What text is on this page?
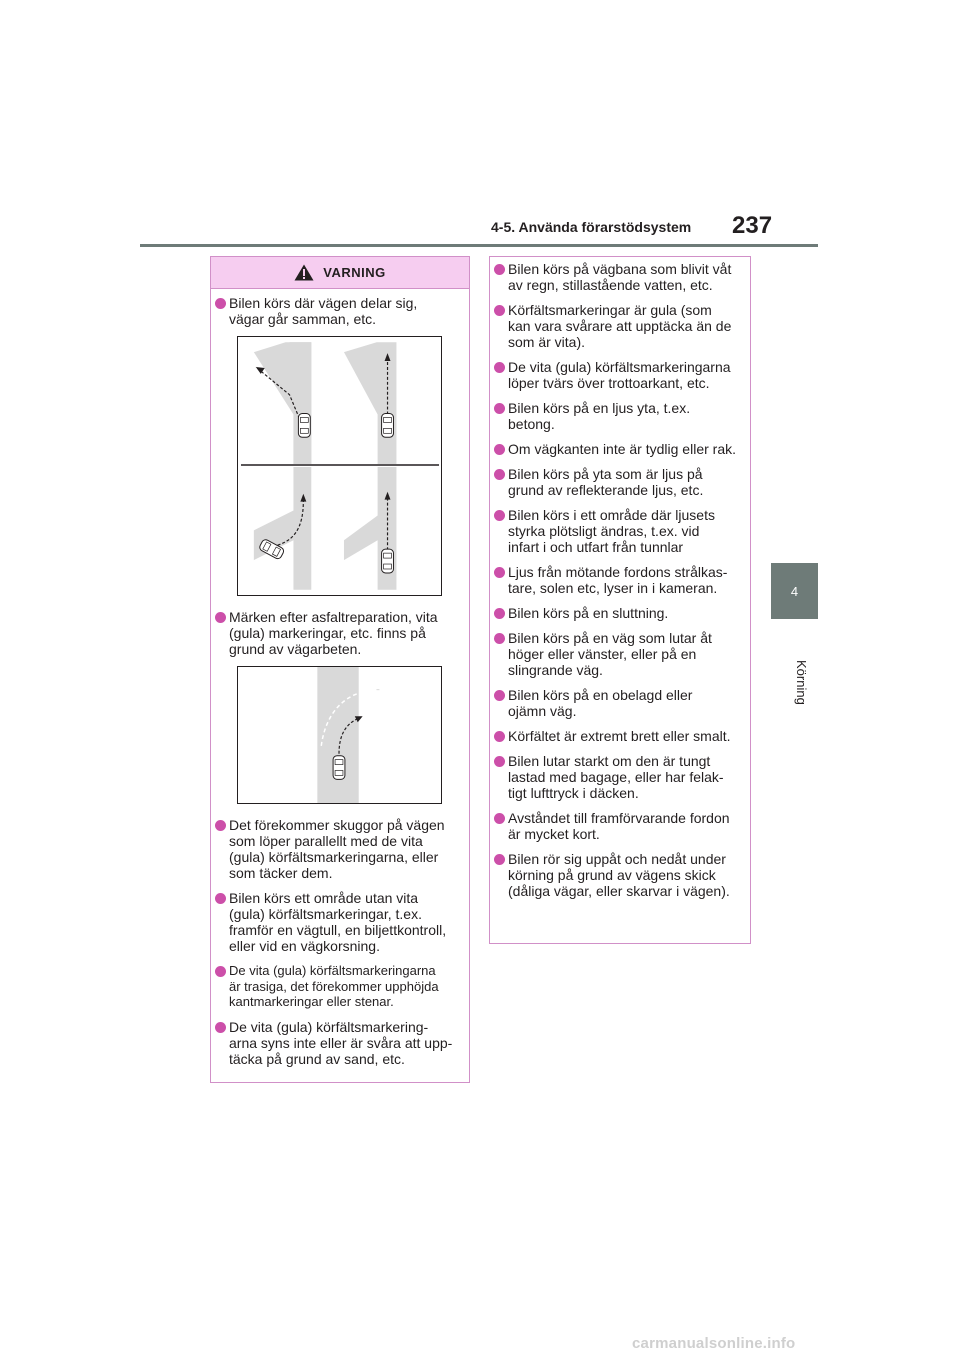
4-5. Använda förarstödsystem 237
4
Körning
VARNING
Bilen körs där vägen delar sig,
vägar går samman, etc.
Märken efter asfaltreparation, vita
(gula) markeringar, etc. finns på
grund av vägarbeten.
Det förekommer skuggor på vägen
som löper parallellt med de vita
(gula) körfältsmarkeringarna, eller
som täcker dem.
Bilen körs ett område utan vita
(gula) körfältsmarkeringar, t.ex.
framför en vägtull, en biljettkontroll,
eller vid en vägkorsning.
De vita (gula) körfältsmarkeringarna
är trasiga, det förekommer upphöjda
kantmarkeringar eller stenar.
De vita (gula) körfältsmarkering-
arna syns inte eller är svåra att upp-
täcka på grund av sand, etc.
Bilen körs på vägbana som blivit våt
av regn, stillastående vatten, etc.
Körfältsmarkeringar är gula (som
kan vara svårare att upptäcka än de
som är vita).
De vita (gula) körfältsmarkeringarna
löper tvärs över trottoarkant, etc.
Bilen körs på en ljus yta, t.ex.
betong.
Om vägkanten inte är tydlig eller rak.
Bilen körs på yta som är ljus på
grund av reflekterande ljus, etc.
Bilen körs i ett område där ljusets
styrka plötsligt ändras, t.ex. vid
infart i och utfart från tunnlar
Ljus från mötande fordons strålkas-
tare, solen etc, lyser in i kameran.
Bilen körs på en sluttning.
Bilen körs på en väg som lutar åt
höger eller vänster, eller på en
slingrande väg.
Bilen körs på en obelagd eller
ojämn väg.
Körfältet är extremt brett eller smalt.
Bilen lutar starkt om den är tungt
lastad med bagage, eller har felak-
tigt lufttryck i däcken.
Avståndet till framförvarande fordon
är mycket kort.
Bilen rör sig uppåt och nedåt under
körning på grund av vägens skick
(dåliga vägar, eller skarvar i vägen).
carmanualsonline.info
